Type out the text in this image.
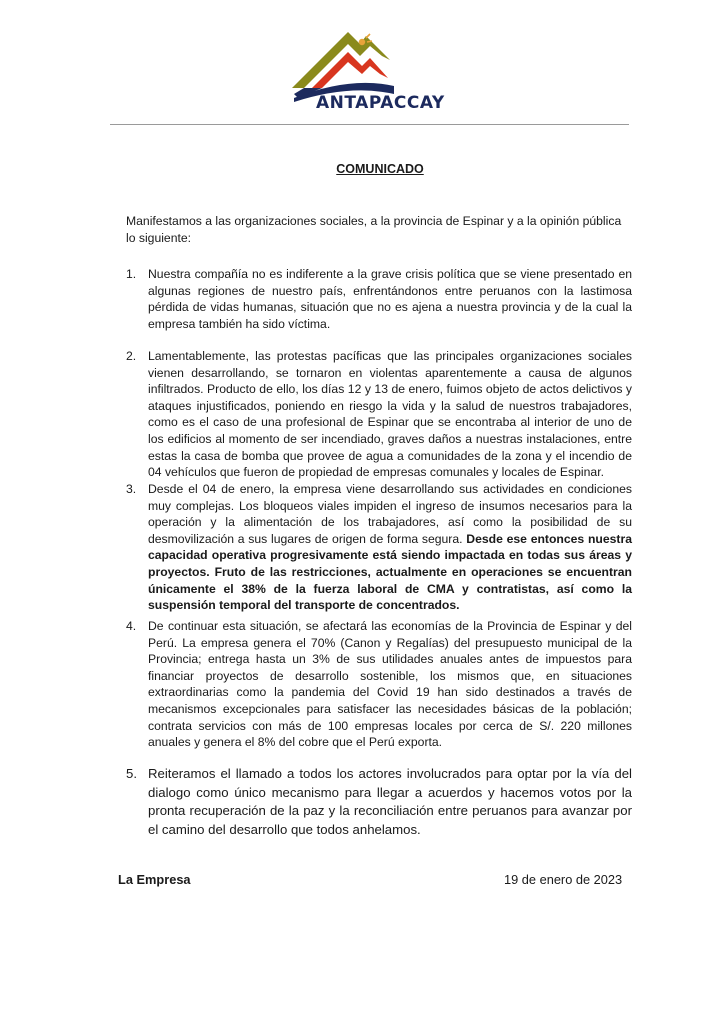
ANTAPACCAY
COMUNICADO
Manifestamos a las organizaciones sociales, a la provincia de Espinar y a la opinión pública lo siguiente:
1. Nuestra compañía no es indiferente a la grave crisis política que se viene presentado en algunas regiones de nuestro país, enfrentándonos entre peruanos con la lastimosa pérdida de vidas humanas, situación que no es ajena a nuestra provincia y de la cual la empresa también ha sido víctima.
2. Lamentablemente, las protestas pacíficas que las principales organizaciones sociales vienen desarrollando, se tornaron en violentas aparentemente a causa de algunos infiltrados. Producto de ello, los días 12 y 13 de enero, fuimos objeto de actos delictivos y ataques injustificados, poniendo en riesgo la vida y la salud de nuestros trabajadores, como es el caso de una profesional de Espinar que se encontraba al interior de uno de los edificios al momento de ser incendiado, graves daños a nuestras instalaciones, entre estas la casa de bomba que provee de agua a comunidades de la zona y el incendio de 04 vehículos que fueron de propiedad de empresas comunales y locales de Espinar.
3. Desde el 04 de enero, la empresa viene desarrollando sus actividades en condiciones muy complejas. Los bloqueos viales impiden el ingreso de insumos necesarios para la operación y la alimentación de los trabajadores, así como la posibilidad de su desmovilización a sus lugares de origen de forma segura. Desde ese entonces nuestra capacidad operativa progresivamente está siendo impactada en todas sus áreas y proyectos. Fruto de las restricciones, actualmente en operaciones se encuentran únicamente el 38% de la fuerza laboral de CMA y contratistas, así como la suspensión temporal del transporte de concentrados.
4. De continuar esta situación, se afectará las economías de la Provincia de Espinar y del Perú. La empresa genera el 70% (Canon y Regalías) del presupuesto municipal de la Provincia; entrega hasta un 3% de sus utilidades anuales antes de impuestos para financiar proyectos de desarrollo sostenible, los mismos que, en situaciones extraordinarias como la pandemia del Covid 19 han sido destinados a través de mecanismos excepcionales para satisfacer las necesidades básicas de la población; contrata servicios con más de 100 empresas locales por cerca de S/. 220 millones anuales y genera el 8% del cobre que el Perú exporta.
5. Reiteramos el llamado a todos los actores involucrados para optar por la vía del dialogo como único mecanismo para llegar a acuerdos y hacemos votos por la pronta recuperación de la paz y la reconciliación entre peruanos para avanzar por el camino del desarrollo que todos anhelamos.
La Empresa	19 de enero de 2023
